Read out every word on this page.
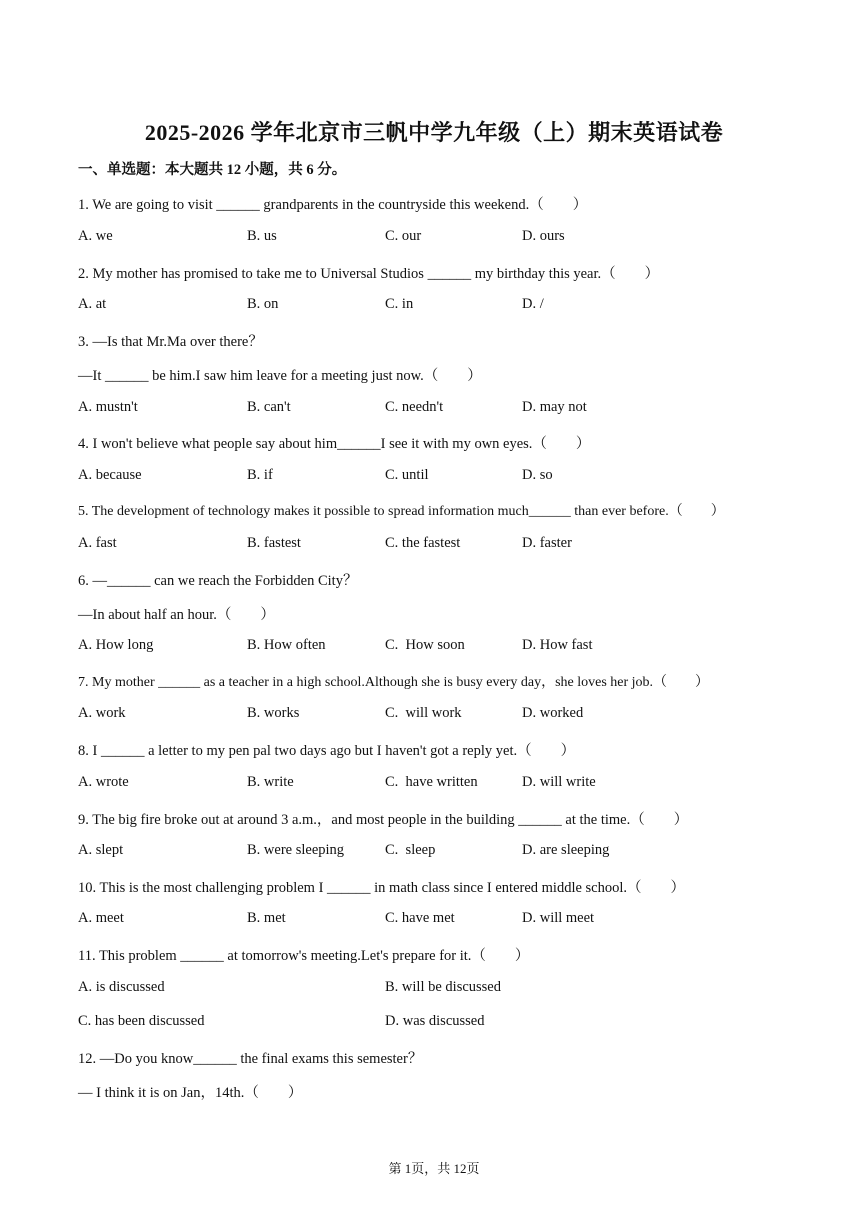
2025-2026 学年北京市三帆中学九年级（上）期末英语试卷
一、单选题：本大题共 12 小题，共 6 分。
1. We are going to visit ______ grandparents in the countryside this weekend.（　　）
A. we	B. us	C. our	D. ours
2. My mother has promised to take me to Universal Studios ______ my birthday this year.（　　）
A. at	B. on	C. in	D. /
3. —Is that Mr.Ma over there？
—It ______ be him.I saw him leave for a meeting just now.（　　）
A. mustn't	B. can't	C. needn't	D. may not
4. I won't believe what people say about him______I see it with my own eyes.（　　）
A. because	B. if	C. until	D. so
5. The development of technology makes it possible to spread information much______ than ever before.（　　）
A. fast	B. fastest	C. the fastest	D. faster
6. —______ can we reach the Forbidden City？
—In about half an hour.（　　）
A. How long	B. How often	C.  How soon	D. How fast
7. My mother ______ as a teacher in a high school.Although she is busy every day，she loves her job.（　　）
A. work	B. works	C.  will work	D. worked
8. I ______ a letter to my pen pal two days ago but I haven't got a reply yet.（　　）
A. wrote	B. write	C.  have written	D. will write
9. The big fire broke out at around 3 a.m.，and most people in the building ______ at the time.（　　）
A. slept	B. were sleeping	C.  sleep	D. are sleeping
10. This is the most challenging problem I ______ in math class since I entered middle school.（　　）
A. meet	B. met	C. have met	D. will meet
11. This problem ______ at tomorrow's meeting.Let's prepare for it.（　　）
A. is discussed	B. will be discussed
C. has been discussed	D. was discussed
12. —Do you know______ the final exams this semester？
— I think it is on Jan，14th.（　　）
第 1页，共 12页
